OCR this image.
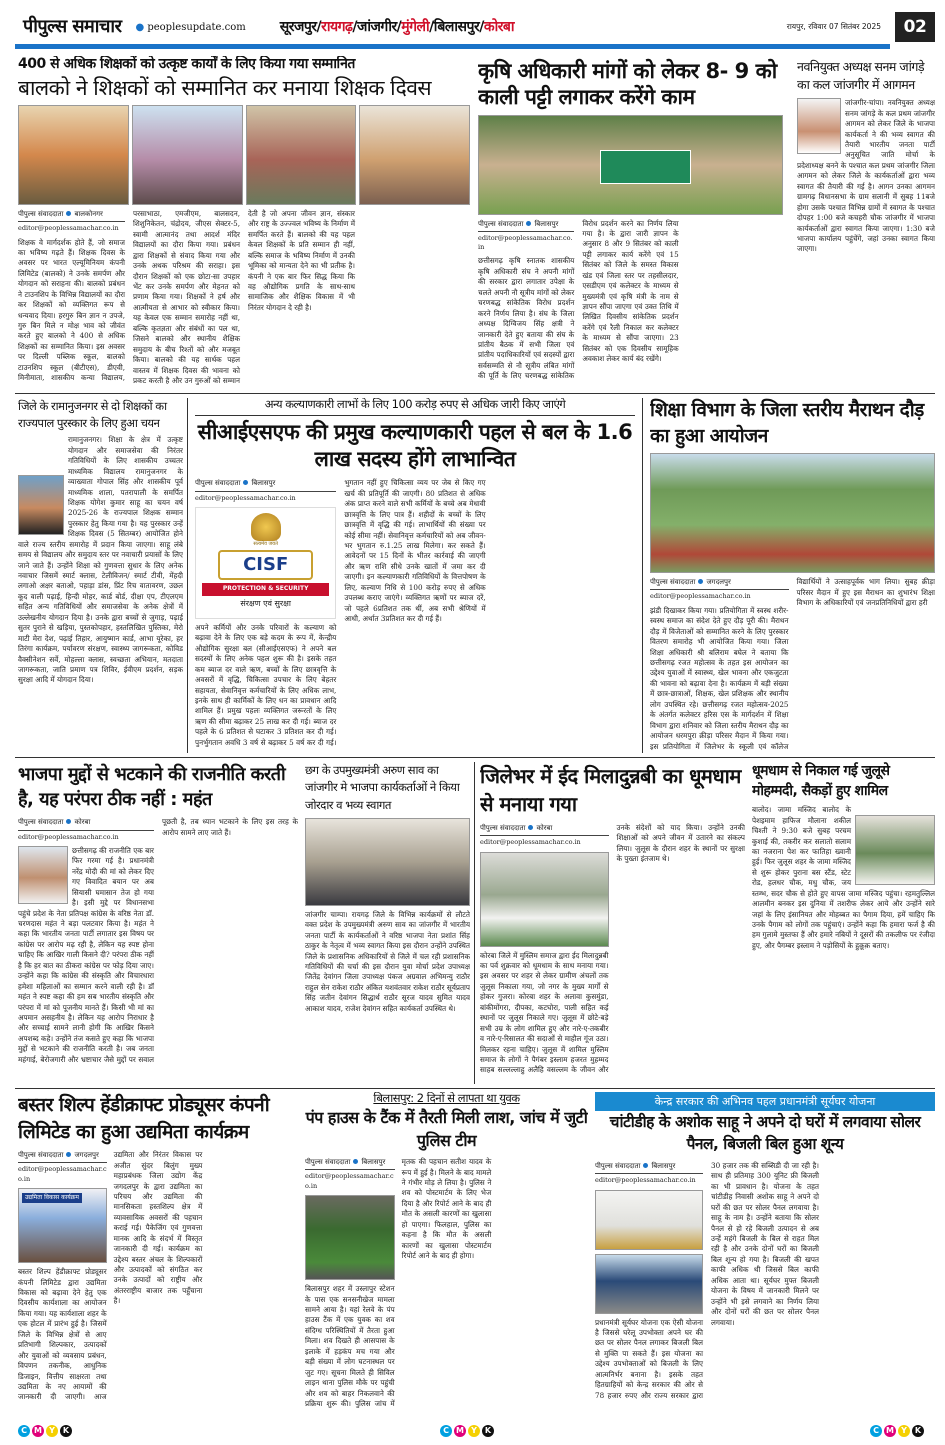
पीपुल्स समाचार ● peoplesupdate.com सूरजपुर/रायगढ़/जांजगीर/मुंगेली/बिलासपुर/कोरबा	रायपुर, रविवार 07 सितंबर 2025	02
400 से अधिक शिक्षकों को उत्कृष्ट कार्यों के लिए किया गया सम्मानित
बालको ने शिक्षकों को सम्मानित कर मनाया शिक्षक दिवस
पीपुल्स संवाददाता बालकोनगर
editor@peoplessamachar.co.in
शिक्षक वे मार्गदर्शक होते हैं, जो समाज का भविष्य गढ़ते हैं। शिक्षक दिवस के अवसर पर भारत एल्यूमिनियम कंपनी लिमिटेड (बालको) ने उनके समर्पण और योगदान को सराहना की। बालको प्रबंधन ने टाउनशिप के विभिन्न विद्यालयों का दौरा कर शिक्षकों को व्यक्तिगत रूप से धन्यवाद दिया। हरगुरु बिन ज्ञान न उपजे, गुरु बिन मिले न मोक्ष भाव को जीवंत करते हुए बालको ने 400 से अधिक शिक्षकों का सम्मानित किया। इस अवसर पर दिल्ली पब्लिक स्कूल, बालको टाउनशिप स्कूल (बीटीएस), डीएवी, मिनीमाता, शासकीय कन्या विद्यालय, परसाभाठा, एमजीएम, बालसदन, शिशुनिकेतन, चंद्रोदय, जीएस सेक्टर-5, स्वामी आत्मानंद तथा आदर्श मंदिर विद्यालयों का दौरा किया गया। प्रबंधन द्वारा शिक्षकों से संवाद किया गया और उनके अथक परिश्रम की सराहा। इस दौरान शिक्षकों को एक छोटा-सा उपहार भेंट कर उनके समर्पण और मेहनत को प्रणाम किया गया। शिक्षकों ने हर्ष और आत्मीयता से आभार को स्वीकार किया। यह केवल एक सम्मान समारोह नहीं था, बल्कि कृतज्ञता और संबंधों का पल था, जिसने बालको और स्थानीय शैक्षिक समुदाय के बीच रिश्तों को और मजबूत किया। बालको की यह सार्थक पहल वास्तव में शिक्षक दिवस की भावना को प्रकट करती है और उन गुरुओं को सम्मान देती है जो अपना जीवन ज्ञान, संस्कार और राष्ट्र के उज्ज्वल भविष्य के निर्माण में समर्पित करते हैं। बालको की यह पहल केवल शिक्षकों के प्रति सम्मान ही नहीं, बल्कि समाज के भविष्य निर्माण में उनकी भूमिका को मान्यता देने का भी प्रतीक है। कंपनी ने एक बार फिर सिद्ध किया कि वह औद्योगिक प्रगति के साथ-साथ सामाजिक और शैक्षिक विकास में भी निरंतर योगदान दे रही है।
कृषि अधिकारी मांगों को लेकर 8- 9 को काली पट्टी लगाकर करेंगे काम
पीपुल्स संवाददाता बिलासपुर
editor@peoplessamachar.co.in
छत्तीसगढ़ कृषि स्नातक शासकीय कृषि अधिकारी संघ ने अपनी मांगों की सरकार द्वारा लगातार उपेक्षा के चलते अपनी नौ सूत्रीय मांगों को लेकर चरणबद्ध सांकेतिक विरोध प्रदर्शन करने निर्णय लिया है। संघ के जिला अध्यक्ष दिग्विजय सिंह क्षत्री ने जानकारी देते हुए बताया की संघ के प्रांतीय बैठक में सभी जिला एवं प्रांतीय पदाधिकारियों एवं सदस्यों द्वारा सर्वसम्मति से नौ सूत्रीय लंबित मांगों की पूर्ति के लिए चरणबद्ध सांकेतिक विरोध प्रदर्शन करने का निर्णय लिया गया है। के द्वारा जारी ज्ञापन के अनुसार 8 और 9 सितंबर को काली पट्टी लगाकर कार्य करेंगे एवं 15 सितंबर को जिले के समस्त विकास खंड एवं जिला स्तर पर तहसीलदार, एसडीएम एवं कलेक्टर के माध्यम से मुख्यमंत्री एवं कृषि मंत्री के नाम से ज्ञापन सौंपा जाएगा एवं उक्त तिथि में लिखित दिवसीय सांकेतिक प्रदर्शन करेंगे एवं रैली निकाल कर कलेक्टर के माध्यम से सौंपा जाएगा। 23 सितंबर को एक दिवसीय सामूहिक अवकाश लेकर कार्य बंद रखेंगे।
नवनियुक्त अध्यक्ष सनम जांगड़े का कल जांजगीर में आगमन
जांजगीर-चांपा। नवनियुक्त अध्यक्ष सनम जांगड़े के कल प्रथम जांजगीर आगमन को लेकर जिले के भाजपा कार्यकर्ता ने की भव्य स्वागत की तैयारी भारतीय जनता पार्टी अनुसूचित जाति मोर्चा के प्रदेशाध्यक्ष बनने के पश्चात कल प्रथम जांजगीर जिला आगमन को लेकर जिले के कार्यकर्ताओं द्वारा भव्य स्वागत की तैयारी की गई है। आगन उनका आगमन ग्रामगढ़ विधानसभा के ग्राम सलानी में सुबह 11बजे होगा उसके पश्चात विभिन्न ग्रामों में स्वागत के पश्चात दोपहर 1:00 बजे कचहरी चौक जांजगीर में भाजपा कार्यकर्ताओं द्वारा स्वागत किया जाएगा। 1:30 बजे भाजपा कार्यालय पहुंचेंगे, जहां उनका स्वागत किया जाएगा।
जिले के रामानुजनगर से दो शिक्षकों का राज्यपाल पुरस्कार के लिए हुआ चयन
रामानुजनगर। शिक्षा के क्षेत्र में उत्कृष्ट योगदान और समाजसेवा की निरंतर गतिविधियों के लिए शासकीय उच्चतर माध्यमिक विद्यालय रामानुजनगर के व्याख्याता गोपाल सिंह और शासकीय पूर्व माध्यमिक शाला, पतरापाली के समर्पित शिक्षक योगेश कुमार साहू का चयन वर्ष 2025-26 के राज्यपाल शिक्षक सम्मान पुरस्कार हेतु किया गया है। यह पुरस्कार उन्हें शिक्षक दिवस (5 सितम्बर) आयोजित होने वाले राज्य स्तरीय समारोह में प्रदान किया जाएगा। साहू लंबे समय से विद्यालय और समुदाय स्तर पर नवाचारी प्रयासों के लिए जाने जाते हैं। उन्होंने शिक्षा को गुणवत्ता सुधार के लिए अनेक नवाचार जिसमें स्मार्ट क्लास, टेलीविजन/ स्मार्ट टीवी, मेंहदी लगाओ अक्षर बताओ, पहाड़ा डांस, प्रिंट रिच वातावरण, उछल कूद वाली पढ़ाई, हिन्दी मोहर, कार्ड बोर्ड, दीक्षा एप, टीएलएम सहित अन्य गतिविधियों और समाजसेवा के अनेक क्षेत्रों में उल्लेखनीय योगदान दिया है। उनके द्वारा बच्चों से जुगाड़, पढ़ाई सुतर पुराने से खड़िया, पुस्तकोपहार, हस्तलिखित पुस्तिका, मेरो माटी मेरा देश, पढ़ाई तिहार, आयुष्मान कार्ड, आभा यूरेका, हर तिरंगा कार्यक्रम, पर्यावरण संरक्षण, स्वास्थ्य जागरूकता, कोविड वैक्सीनेशन सर्वे, मोहल्ला क्लास, स्वच्छता अभियान, मतदाता जागरूकता, जाति प्रमाण पत्र शिविर, ईवीएम प्रदर्शन, सड़क सुरक्षा आदि में योगदान दिया।
अन्य कल्याणकारी लाभों के लिए 100 करोड़ रुपए से अधिक जारी किए जाएंगे
सीआईएसएफ की प्रमुख कल्याणकारी पहल से बल के 1.6 लाख सदस्य होंगे लाभान्वित
पीपुल्स संवाददाता बिलासपुर
editor@peoplessamachar.co.in
सत्यमेव जयते
CISF
PROTECTION & SECURITY
संरक्षण एवं सुरक्षा
अपने कर्मियों और उनके परिवारों के कल्याण को बढ़ावा देने के लिए एक बड़े कदम के रूप में, केन्द्रीय औद्योगिक सुरक्षा बल (सीआईएसएफ) ने अपने बल सदस्यों के लिए अनेक पहल शुरू की है। इसके तहत कम ब्याज दर वाले ऋण, बच्चों के लिए छात्रवृत्ति के अवसरों में वृद्धि, चिकित्सा उपचार के लिए बेहतर सहायता, सेवानिवृत्त कर्मचारियों के लिए अधिक लाभ, इनके साथ ही कार्मिकों के लिए धन का प्रावधान आदि शामिल हैं। प्रमुख पहलः व्यक्तिगत जरूरतों के लिए ऋण की सीमा बढ़ाकर 25 लाख कर दी गई। ब्याज दर पहले के 6 प्रतिशत से घटाकर 3 प्रतिशत कर दी गई। पुनर्भुगतान अवधि 3 वर्ष से बढ़ाकर 5 वर्ष कर दी गई। भुगतान नहीं हुए चिकित्सा व्यय पर जेब से किए गए खर्च की प्रतिपूर्ति की जाएगी। 80 प्रतिशत से अधिक अंक प्राप्त करने वाले सभी कर्मियों के बच्चे अब मेधावी छात्रवृत्ति के लिए पात्र हैं। शहीदों के बच्चों के लिए छात्रवृत्ति में वृद्धि की गई। लाभार्थियों की संख्या पर कोई सीमा नहीं। सेवानिवृत्त कर्मचारियों को अब जीवन-भर भुगतान रु.1.25 लाख मिलेगा। कर सकते हैं। आवेदनों पर 15 दिनों के भीतर कार्रवाई की जाएगी और ऋण राशि सीधे उनके खातों में जमा कर दी जाएगी। इन कल्याणकारी गतिविधियों के वित्तपोषण के लिए, कल्याण निधि से 100 करोड़ रुपए से अधिक उपलब्ध कराए जाएंगे। व्यक्तिगत ऋणों पर ब्याज दरें, जो पहले 6प्रतिशत तक थीं, अब सभी श्रेणियों में आधी, अर्थात 3प्रतिशत कर दी गई हैं।
शिक्षा विभाग के जिला स्तरीय मैराथन दौड़ का हुआ आयोजन
पीपुल्स संवाददाता जगदलपुर
editor@peoplessamachar.co.in
झंडी दिखाकर किया गया। प्रतियोगिता में स्वस्थ शरीर-स्वस्थ समाज का संदेश देते हुए दौड़ पूरी की। मैराथन दौड़ में विजेताओं को सम्मानित करने के लिए पुरस्कार वितरण समारोह भी आयोजित किया गया। जिला शिक्षा अधिकारी श्री बलिराम बघेल ने बताया कि छत्तीसगढ़ रजत महोत्सव के तहत इस आयोजन का उद्देश्य युवाओं में स्वास्थ्य, खेल भावना और एकजुटता की भावना को बढ़ावा देना है। कार्यक्रम में बड़ी संख्या में छात्र-छात्राओं, शिक्षक, खेल प्रशिक्षक और स्थानीय लोग उपस्थित रहे। छत्तीसगढ़ रजत महोत्सव-2025 के अंतर्गत कलेक्टर हरिस एस के मार्गदर्शन में शिक्षा विभाग द्वारा शनिवार को जिला स्तरीय मैराथन दौड़ का आयोजन धरमपुरा क्रीड़ा परिसर मैदान में किया गया। इस प्रतियोगिता में जिलेभर के स्कूली एवं कॉलेज विद्यार्थियों ने उत्साहपूर्वक भाग लिया। सुबह क्रीड़ा परिसर मैदान में हुए इस मैराथन का शुभारंभ शिक्षा विभाग के अधिकारियों एवं जनप्रतिनिधियों द्वारा हरी
भाजपा मुद्दों से भटकाने की राजनीति करती है, यह परंपरा ठीक नहीं : महंत
पीपुल्स संवाददाता कोरबा
editor@peoplessamachar.co.in
छत्तीसगढ़ की राजनीति एक बार फिर गरमा गई है। प्रधानमंत्री नरेंद्र मोदी की मां को लेकर दिए गए विवादित बयान पर अब सियासी घमासान तेज हो गया है। इसी मुद्दे पर विधानसभा पहुंचे प्रदेश के नेता प्रतिपक्ष कांग्रेस के वरिष्ठ नेता डॉ. चरणदास महंत ने बड़ा पलटवार किया है। महंत ने कहा कि भारतीय जनता पार्टी लगातार इस विषय पर कांग्रेस पर आरोप मढ़ रही है, लेकिन यह स्पष्ट होना चाहिए कि आखिर गाली किसने दी? परंपरा ठीक नहीं है कि हर बात का ठीकरा कांग्रेस पर फोड़ दिया जाए। उन्होंने कहा कि कांग्रेस की संस्कृति और विचारधारा हमेशा महिलाओं का सम्मान करने वाली रही है। डॉ महंत ने स्पष्ट कहा की हम सब भारतीय संस्कृति और परंपरा में मां को पूजनीय मानते हैं। किसी भी मां का अपमान असहनीय है। लेकिन यह आरोप निराधार है और सच्चाई सामने लानी होगी कि आखिर किसने अपशब्द कहे। उन्होंने तंज कसते हुए कहा कि भाजपा मुद्दों से भटकाने की राजनीति करती है। जब जनता महंगाई, बेरोजगारी और भ्रष्टाचार जैसे मुद्दों पर सवाल पूछती है, तब ध्यान भटकाने के लिए इस तरह के आरोप सामने लाए जाते हैं।
छग के उपमुख्यमंत्री अरुण साव का जांजगीर मे भाजपा कार्यकर्ताओं ने किया जोरदार व भव्य स्वागत
जांजगीर चाम्पा। रायगढ़ जिले के विभिन्न कार्यक्रमों से लौटते वक्त प्रदेश के उपमुख्यमंत्री अरुण साव का जांजगीर में भारतीय जनता पार्टी के कार्यकर्ताओं ने वरिष्ठ भाजपा नेता प्रशांत सिंह ठाकुर के नेतृत्व में भव्य स्वागत किया इस दौरान उन्होंने उपस्थित जिले के प्रशासनिक अधिकारियों से जिले में चल रही प्रशासनिक गतिविधियों की चर्चा की इस दौरान युवा मोर्चा प्रदेश उपाध्यक्ष जितेंद्र देवांगन जिला उपाध्यक्ष पंकज अग्रवाल अभिमन्यु राठौर राहुल सेन राकेश राठौर अंकित यशवंतवार राकेश राठौर सूर्यप्रताप सिंह जतीन देवांगन सिद्धार्थ राठौर सूरज यादव सुमित यादव आकाश यादव, राजेश देवांगन सहित कार्यकर्ता उपस्थित थे।
जिलेभर में ईद मिलादुन्नबी का धूमधाम से मनाया गया
पीपुल्स संवाददाता कोरबा
editor@peoplessamachar.co.in
कोरबा जिले में मुस्लिम समाज द्वारा ईद मिलादुन्नबी का पर्व शुक्रवार को धूमधाम के साथ मनाया गया। इस अवसर पर शहर से लेकर ग्रामीण अंचलों तक जुलूस निकाला गया, जो नगर के मुख्य मार्गों से होकर गुजरा। कोरबा शहर के अलावा कुसमुंडा, बांकीमोंगरा, दीपका, कटघोरा, पाली सहित कई स्थानों पर जुलूस निकाले गए। जुलूस में छोटे-बड़े सभी उम्र के लोग शामिल हुए और नारे-ए-तकबीर व नारे-ए-रिसालत की सदाओं से माहौल गूंज उठा। मिलकर रहना चाहिए। जुलूस में शामिल मुस्लिम समाज के लोगों ने पैगंबर इस्लाम हजरत मुहम्मद साहब सल्लल्लाहु अलैहि वसल्लम के जीवन और उनके संदेशों को याद किया। उन्होंने उनकी शिक्षाओं को अपने जीवन में उतारने का संकल्प लिया। जुलूस के दौरान शहर के स्थानों पर सुरक्षा के पुख्ता इंतजाम थे।
धूमधाम से निकाल गई जुलूसे मोहम्मदी, सैकड़ों हुए शामिल
बालोद। जामा मस्जिद बालोद के पेशइमाम हाफिज मौलाना शकील चिश्ती ने 9:30 बजे सुबह परचम कुशाई की, तकरीर कर सलातो सलाम का नजराना पेश कर फातिहा ख्वानी हुई। फिर जुलूस शहर के जामा मस्जिद से शुरू होकर पुराना बस स्टैंड, स्टेट रोड, हलधर चौक, मधु चौक, जय स्तम्भ, सदर चौक से होते हुए वापस जामा मस्जिद पहुंचा। रहमतुल्लिल आलमीन बनकर इस दुनिया में तशरीफ लेकर आये और उन्होंने सारे जहां के लिए इंसानियत और मोहब्बत का पैगाम दिया, हमें चाहिए कि उनके पैगाम को लोगों तक पहुंचाएं। उन्होंने कहा कि हमारा फर्ज है की हम गुलामे मुस्तफा हैं और हमारे नबियों ने दूसरों की तकलीफ पर रंजीदा हुए, और पैगम्बर इस्लाम ने पड़ोसियों के हुक़ूक़ बताए।
बस्तर शिल्प हेंडीक्राफ्ट प्रोड्यूसर कंपनी लिमिटेड का हुआ उद्यमिता कार्यक्रम
पीपुल्स संवाददाता जगदलपुर
editor@peoplessamachar.co.in
उद्यमिता विकास कार्यक्रम
बस्तर शिल्प हेंडीक्राफ्ट प्रोड्यूसर कंपनी लिमिटेड द्वारा उद्यमिता विकास को बढ़ावा देने हेतु एक दिवसीय कार्यशाला का आयोजन किया गया। यह कार्यशाला शहर के एक होटल में प्रारंभ हुई है। जिसमें जिले के विभिन्न क्षेत्रों से आए प्रतिभागी शिल्पकार, उत्पादकों और युवाओं को व्यवसाय प्रबंधन, विपणन तकनीक, आधुनिक डिजाइन, वित्तीय साक्षरता तथा उद्यमिता के नए आयामों की जानकारी दी जाएगी। आज उद्यमिता और निरंतर विकास पर अजीत सुंदर बिलुंग मुख्य महाप्रबंधक जिला उद्योग केंद्र जगदलपुर के द्वारा उद्यमिता का परिचय और उद्यमिता की मानसिकता हस्तशिल्प क्षेत्र में व्यावसायिक अवसरों की पहचान कराई गई। पैकेजिंग एवं गुणवत्ता मानक आदि के संदर्भ में विस्तृत जानकारी दी गई। कार्यक्रम का उद्देश्य बस्तर अंचल के शिल्पकारों और उत्पादकों को संगठित कर उनके उत्पादों को राष्ट्रीय और अंतरराष्ट्रीय बाजार तक पहुँचाना है।
बिलासपुर: 2 दिनों से लापता था युवक
पंप हाउस के टैंक में तैरती मिली लाश, जांच में जुटी पुलिस टीम
पीपुल्स संवाददाता बिलासपुर
editor@peoplessamachar.co.in
बिलासपुर शहर में उस्लापुर स्टेशन के पास एक सनसनीखेज मामला सामने आया है। यहां रेलवे के पंप हाउस टैंक में एक युवक का शव संदिग्ध परिस्थितियों में तैरता हुआ मिला। शव दिखते ही आसपास के इलाके में हड़कंप मच गया और बड़ी संख्या में लोग घटनास्थल पर जुट गए। सूचना मिलते ही सिविल लाइन थाना पुलिस मौके पर पहुंची और शव को बाहर निकलवाने की प्रक्रिया शुरू की। पुलिस जांच में मृतक की पहचान सतीश यादव के रूप में हुई है। मिलने के बाद मामले ने गंभीर मोड़ ले लिया है। पुलिस ने शव को पोस्टमार्टम के लिए भेज दिया है और रिपोर्ट आने के बाद ही मौत के असली कारणों का खुलासा हो पाएगा। फिलहाल, पुलिस का कहना है कि मौत के असली कारणों का खुलासा पोस्टमार्टम रिपोर्ट आने के बाद ही होगा।
केन्द्र सरकार की अभिनव पहल प्रधानमंत्री सूर्यघर योजना
चांटीडीह के अशोक साहू ने अपने दो घरों में लगवाया सोलर पैनल, बिजली बिल हुआ शून्य
पीपुल्स संवाददाता बिलासपुर
editor@peoplessamachar.co.in
प्रधानमंत्री सूर्यघर योजना एक ऐसी योजना है जिससे घरेलू उपभोक्ता अपने घर की छत पर सोलर पैनल लगाकर बिजली बिल से मुक्ति पा सकते हैं। इस योजना का उद्देश्य उपभोक्ताओं को बिजली के लिए आत्मनिर्भर बनाना है। इसके तहत हितग्राहियों को केन्द्र सरकार की ओर से 78 हजार रुपए और राज्य सरकार द्वारा 30 हजार तक की सब्सिडी दी जा रही है। साथ ही प्रतिमाह 300 यूनिट फ्री बिजली का भी प्रावधान है। योजना के तहत चांटीडीह निवासी अशोक साहू ने अपने दो घरों की छत पर सोलर पैनल लगवाया है। साहू के नाम है। उन्होंने बताया कि सोलर पैनल से हो रहे बिजली उत्पादन से अब उन्हें महंगे बिजली के बिल से राहत मिल रही है और उनके दोनों घरों का बिजली बिल शून्य हो गया है। बिजली की खपत काफी अधिक थी जिससे बिल काफी अधिक आता था। सूर्यघर मुफ्त बिजली योजना के विषय में जानकारी मिलने पर उन्होंने भी इसे लगवाने का निर्णय लिया और दोनों घरों की छत पर सोलर पैनल लगवाया।
C M Y K	C M Y K	C M Y K
